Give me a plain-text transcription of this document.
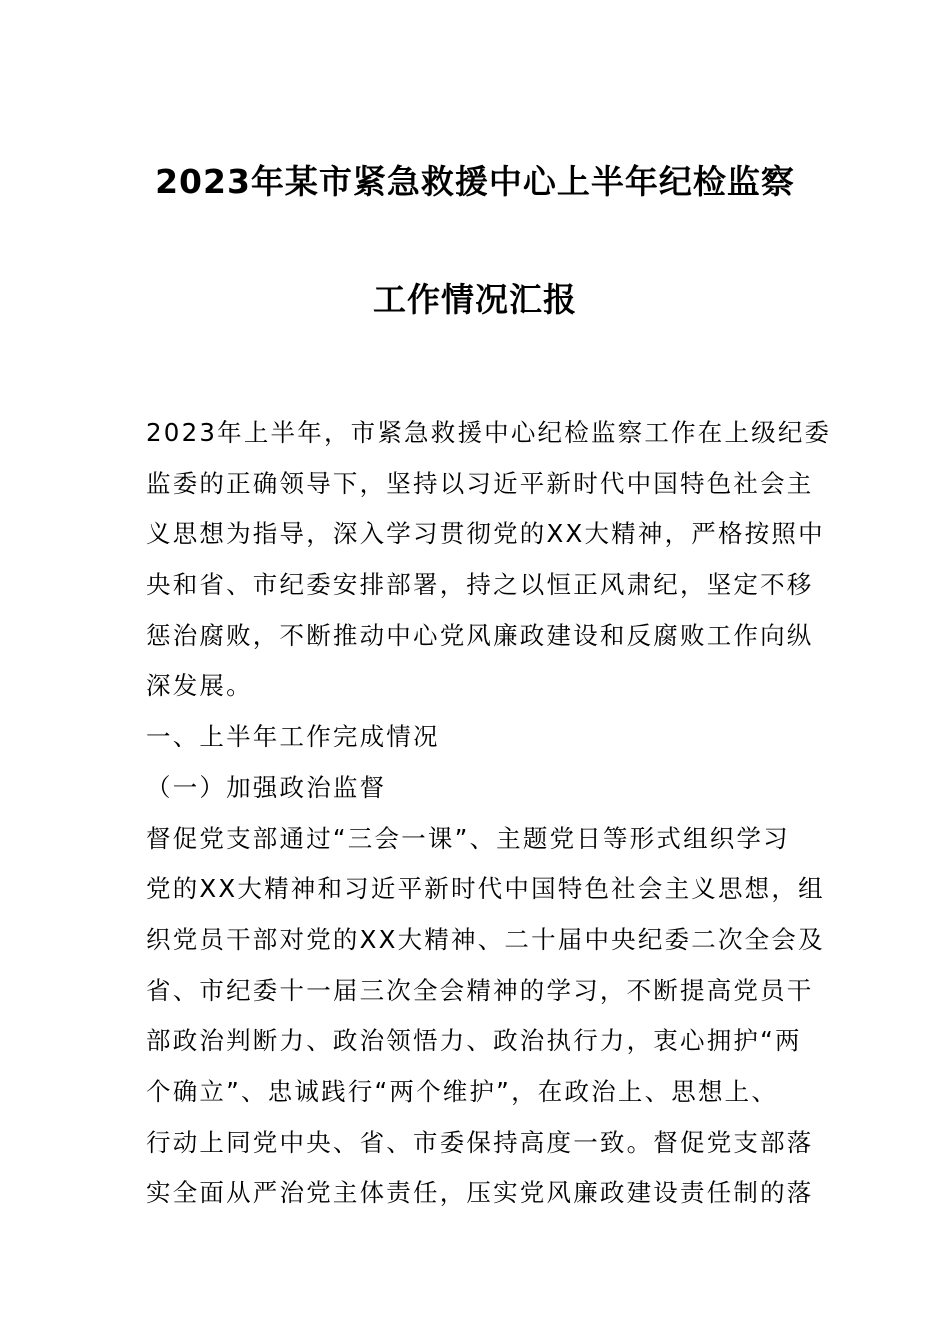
2023年某市紧急救援中心上半年纪检监察
工作情况汇报
2023年上半年，市紧急救援中心纪检监察工作在上级纪委
监委的正确领导下，坚持以习近平新时代中国特色社会主
义思想为指导，深入学习贯彻党的XX大精神，严格按照中
央和省、市纪委安排部署，持之以恒正风肃纪，坚定不移
惩治腐败，不断推动中心党风廉政建设和反腐败工作向纵
深发展。
一、上半年工作完成情况
（一）加强政治监督
督促党支部通过“三会一课”、主题党日等形式组织学习
党的XX大精神和习近平新时代中国特色社会主义思想，组
织党员干部对党的XX大精神、二十届中央纪委二次全会及
省、市纪委十一届三次全会精神的学习，不断提高党员干
部政治判断力、政治领悟力、政治执行力，衷心拥护“两
个确立”、忠诚践行“两个维护”，在政治上、思想上、
行动上同党中央、省、市委保持高度一致。督促党支部落
实全面从严治党主体责任，压实党风廉政建设责任制的落
